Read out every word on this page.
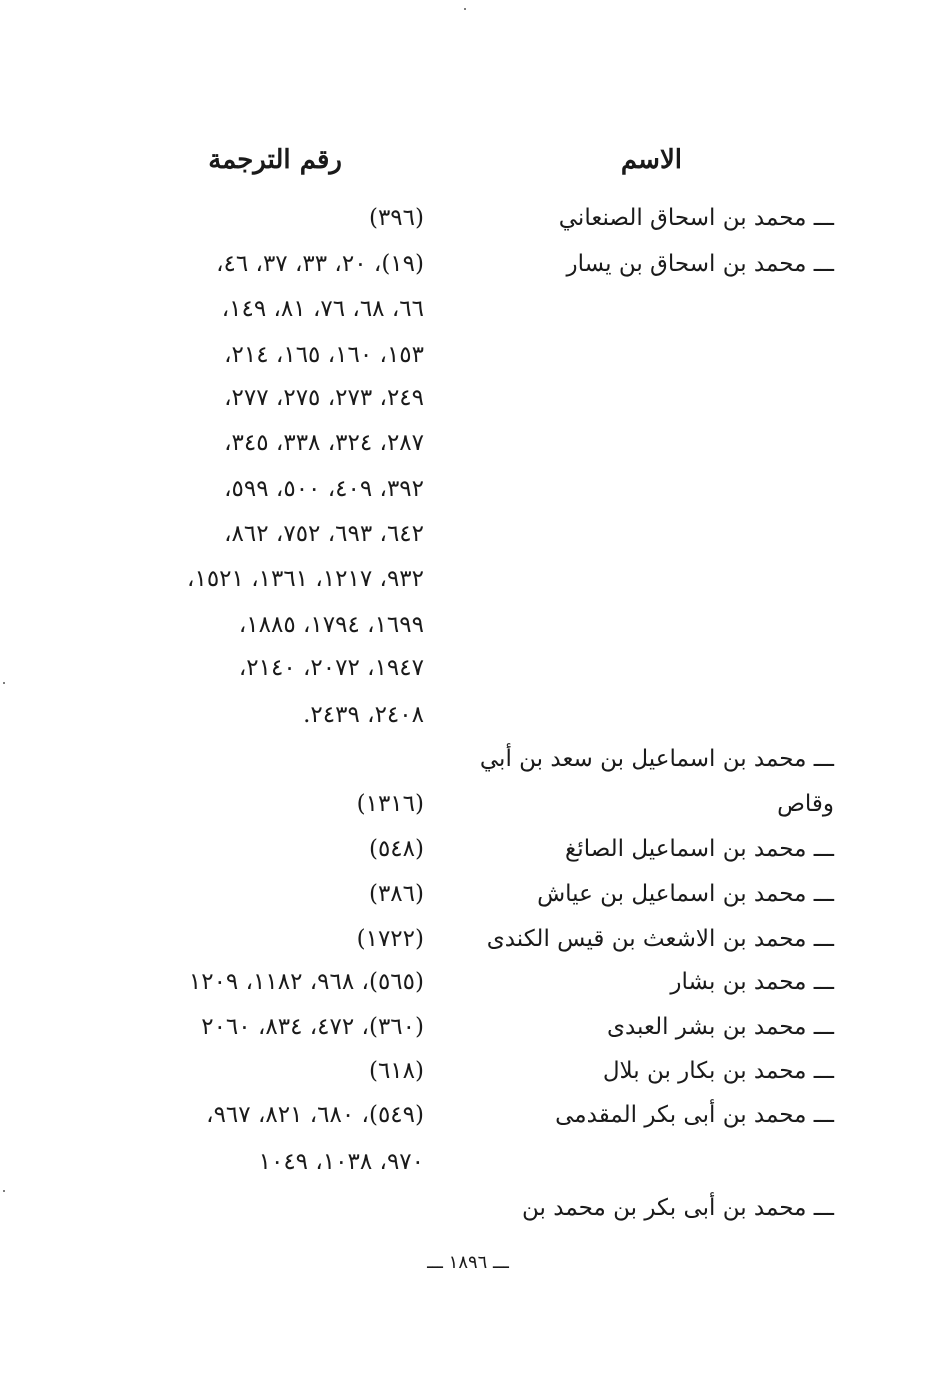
الاسم
رقم الترجمة
ـــ محمد بن اسحاق الصنعاني
(٣٩٦)
ـــ محمد بن اسحاق بن يسار
(١٩)، ٢٠، ٣٣، ٣٧، ٤٦،
٦٦، ٦٨، ٧٦، ٨١، ١٤٩،
١٥٣، ١٦٠، ١٦٥، ٢١٤،
٢٤٩، ٢٧٣، ٢٧٥، ٢٧٧،
٢٨٧، ٣٢٤، ٣٣٨، ٣٤٥،
٣٩٢، ٤٠٩، ٥٠٠، ٥٩٩،
٦٤٢، ٦٩٣، ٧٥٢، ٨٦٢،
٩٣٢، ١٢١٧، ١٣٦١، ١٥٢١،
١٦٩٩، ١٧٩٤، ١٨٨٥،
١٩٤٧، ٢٠٧٢، ٢١٤٠،
٢٤٠٨، ٢٤٣٩.
ـــ محمد بن اسماعيل بن سعد بن أبي
وقاص
(١٣١٦)
ـــ محمد بن اسماعيل الصائغ
(٥٤٨)
ـــ محمد بن اسماعيل بن عياش
(٣٨٦)
ـــ محمد بن الاشعث بن قيس الكندى
(١٧٢٢)
ـــ محمد بن بشار
(٥٦٥)، ٩٦٨، ١١٨٢، ١٢٠٩
ـــ محمد بن بشر العبدى
(٣٦٠)، ٤٧٢، ٨٣٤، ٢٠٦٠
ـــ محمد بن بكار بن بلال
(٦١٨)
ـــ محمد بن أبى بكر المقدمى
(٥٤٩)، ٦٨٠، ٨٢١، ٩٦٧،
٩٧٠، ١٠٣٨، ١٠٤٩
ـــ محمد بن أبى بكر بن محمد بن
ـــ ١٨٩٦ ـــ
